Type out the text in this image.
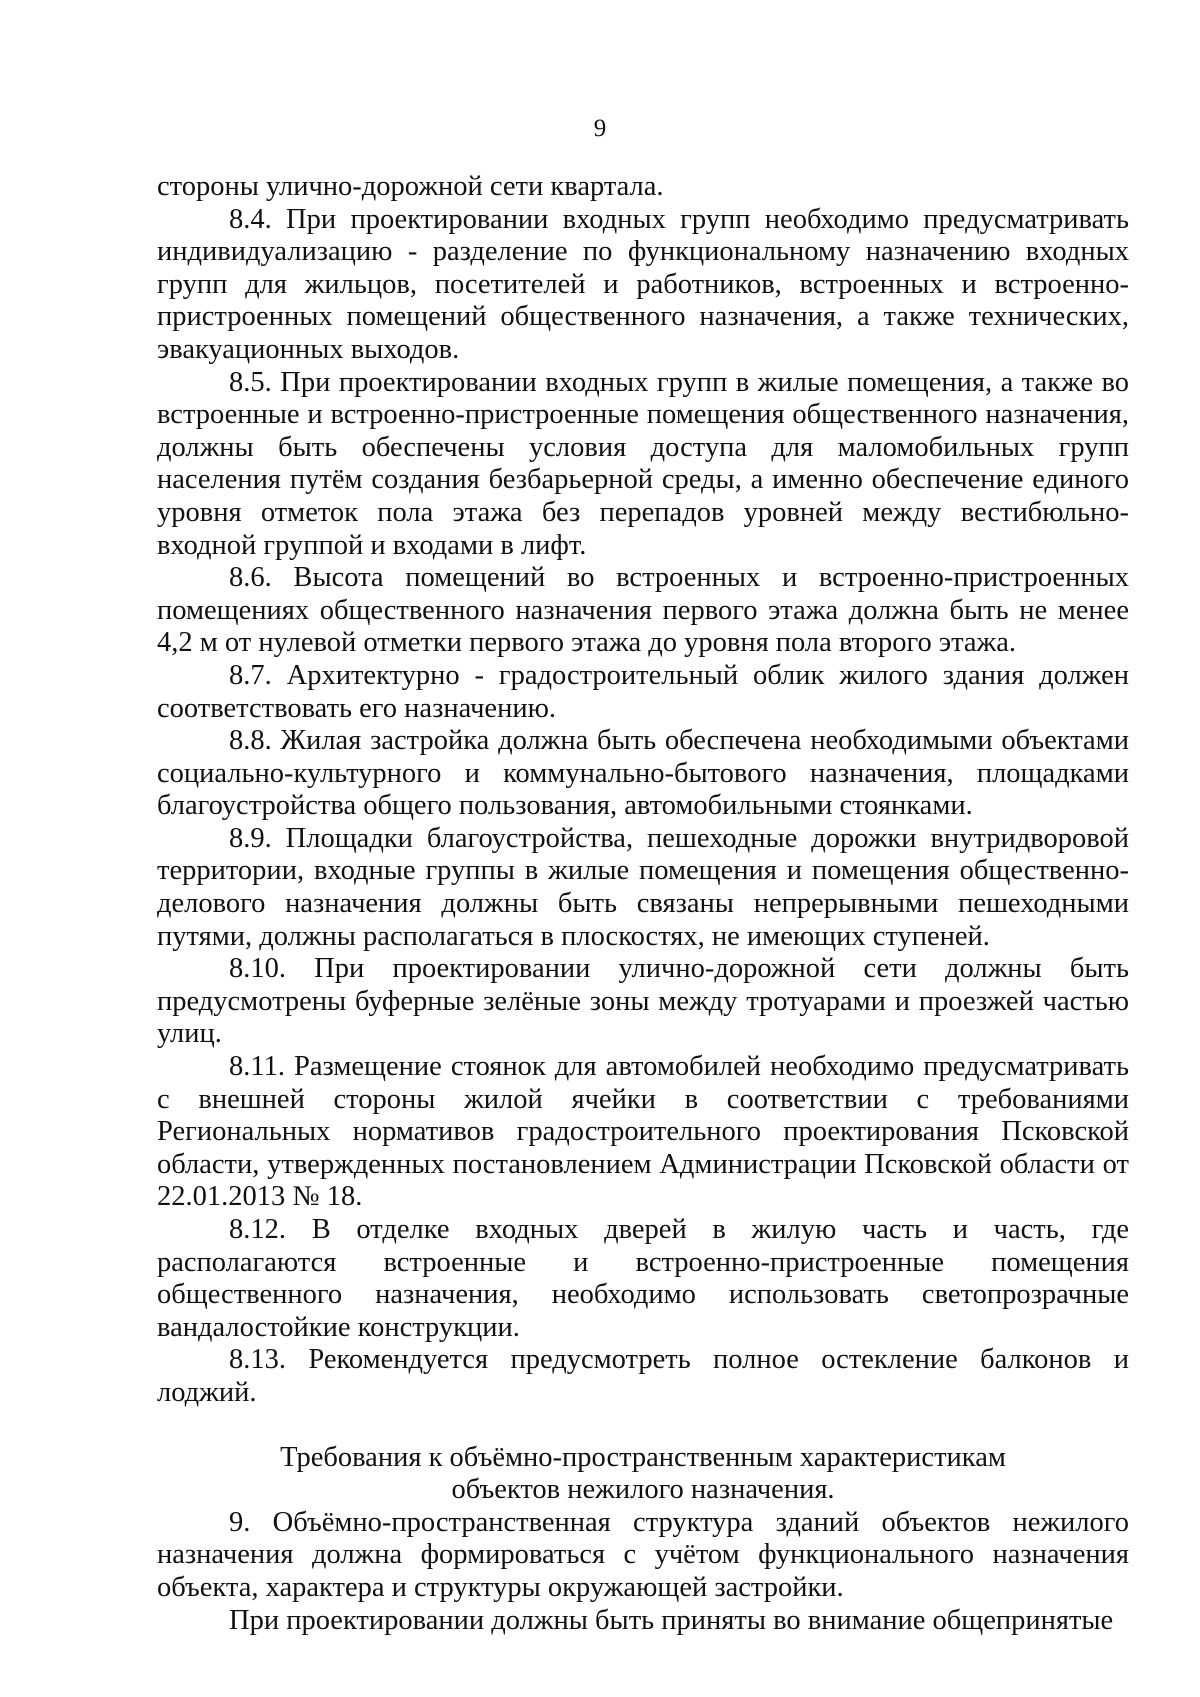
9

стороны улично-дорожной сети квартала.

8.4. При проектировании входных групп необходимо предусматривать индивидуализацию - разделение по функциональному назначению входных групп для жильцов, посетителей и работников, встроенных и встроенно-пристроенных помещений общественного назначения, а также технических, эвакуационных выходов.

8.5. При проектировании входных групп в жилые помещения, а также во встроенные и встроенно-пристроенные помещения общественного назначения, должны быть обеспечены условия доступа для маломобильных групп населения путём создания безбарьерной среды, а именно обеспечение единого уровня отметок пола этажа без перепадов уровней между вестибюльно-входной группой и входами в лифт.

8.6. Высота помещений во встроенных и встроенно-пристроенных помещениях общественного назначения первого этажа должна быть не менее 4,2 м от нулевой отметки первого этажа до уровня пола второго этажа.

8.7. Архитектурно - градостроительный облик жилого здания должен соответствовать его назначению.

8.8. Жилая застройка должна быть обеспечена необходимыми объектами социально-культурного и коммунально-бытового назначения, площадками благоустройства общего пользования, автомобильными стоянками.

8.9. Площадки благоустройства, пешеходные дорожки внутридворовой территории, входные группы в жилые помещения и помещения общественно-делового назначения должны быть связаны непрерывными пешеходными путями, должны располагаться в плоскостях, не имеющих ступеней.

8.10. При проектировании улично-дорожной сети должны быть предусмотрены буферные зелёные зоны между тротуарами и проезжей частью улиц.

8.11. Размещение стоянок для автомобилей необходимо предусматривать с внешней стороны жилой ячейки в соответствии с требованиями Региональных нормативов градостроительного проектирования Псковской области, утвержденных постановлением Администрации Псковской области от 22.01.2013 № 18.

8.12. В отделке входных дверей в жилую часть и часть, где располагаются встроенные и встроенно-пристроенные помещения общественного назначения, необходимо использовать светопрозрачные вандалостойкие конструкции.

8.13. Рекомендуется предусмотреть полное остекление балконов и лоджий.

Требования к объёмно-пространственным характеристикам
объектов нежилого назначения.

9. Объёмно-пространственная структура зданий объектов нежилого назначения должна формироваться с учётом функционального назначения объекта, характера и структуры окружающей застройки.

При проектировании должны быть приняты во внимание общепринятые
